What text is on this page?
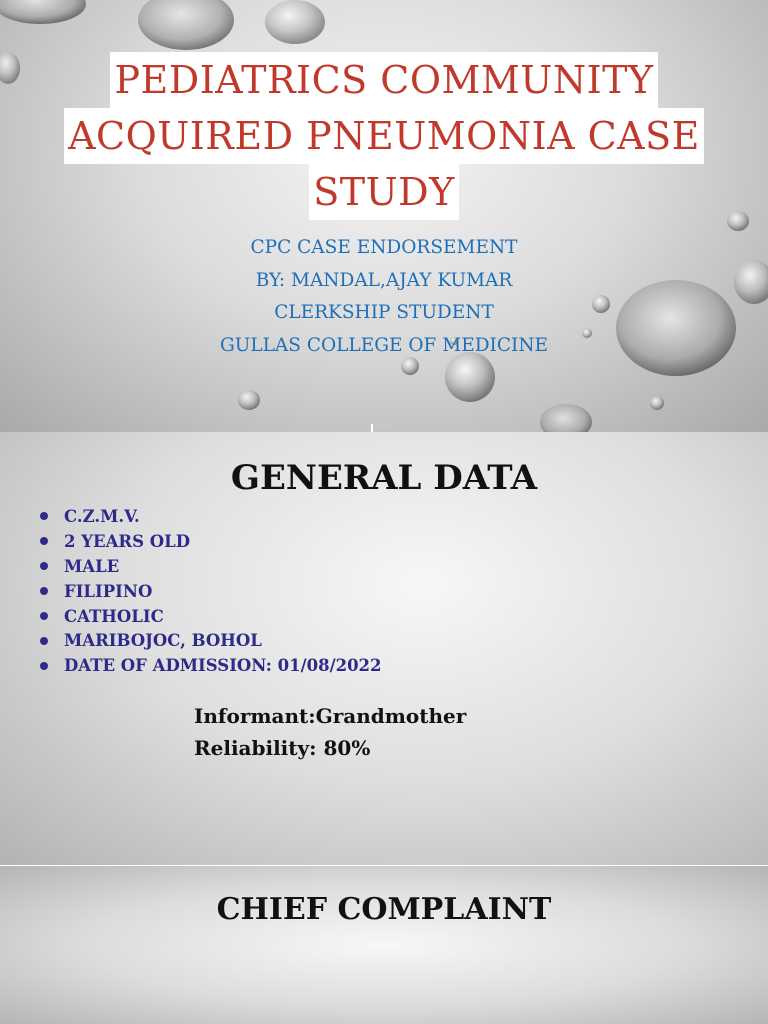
PEDIATRICS COMMUNITY
ACQUIRED PNEUMONIA CASE
STUDY
CPC CASE ENDORSEMENT
BY: MANDAL,AJAY KUMAR
CLERKSHIP STUDENT
GULLAS COLLEGE OF MEDICINE
GENERAL DATA
C.Z.M.V.
2 YEARS OLD
MALE
FILIPINO
CATHOLIC
MARIBOJOC, BOHOL
DATE OF ADMISSION: 01/08/2022
Informant:Grandmother
Reliability: 80%
CHIEF COMPLAINT
